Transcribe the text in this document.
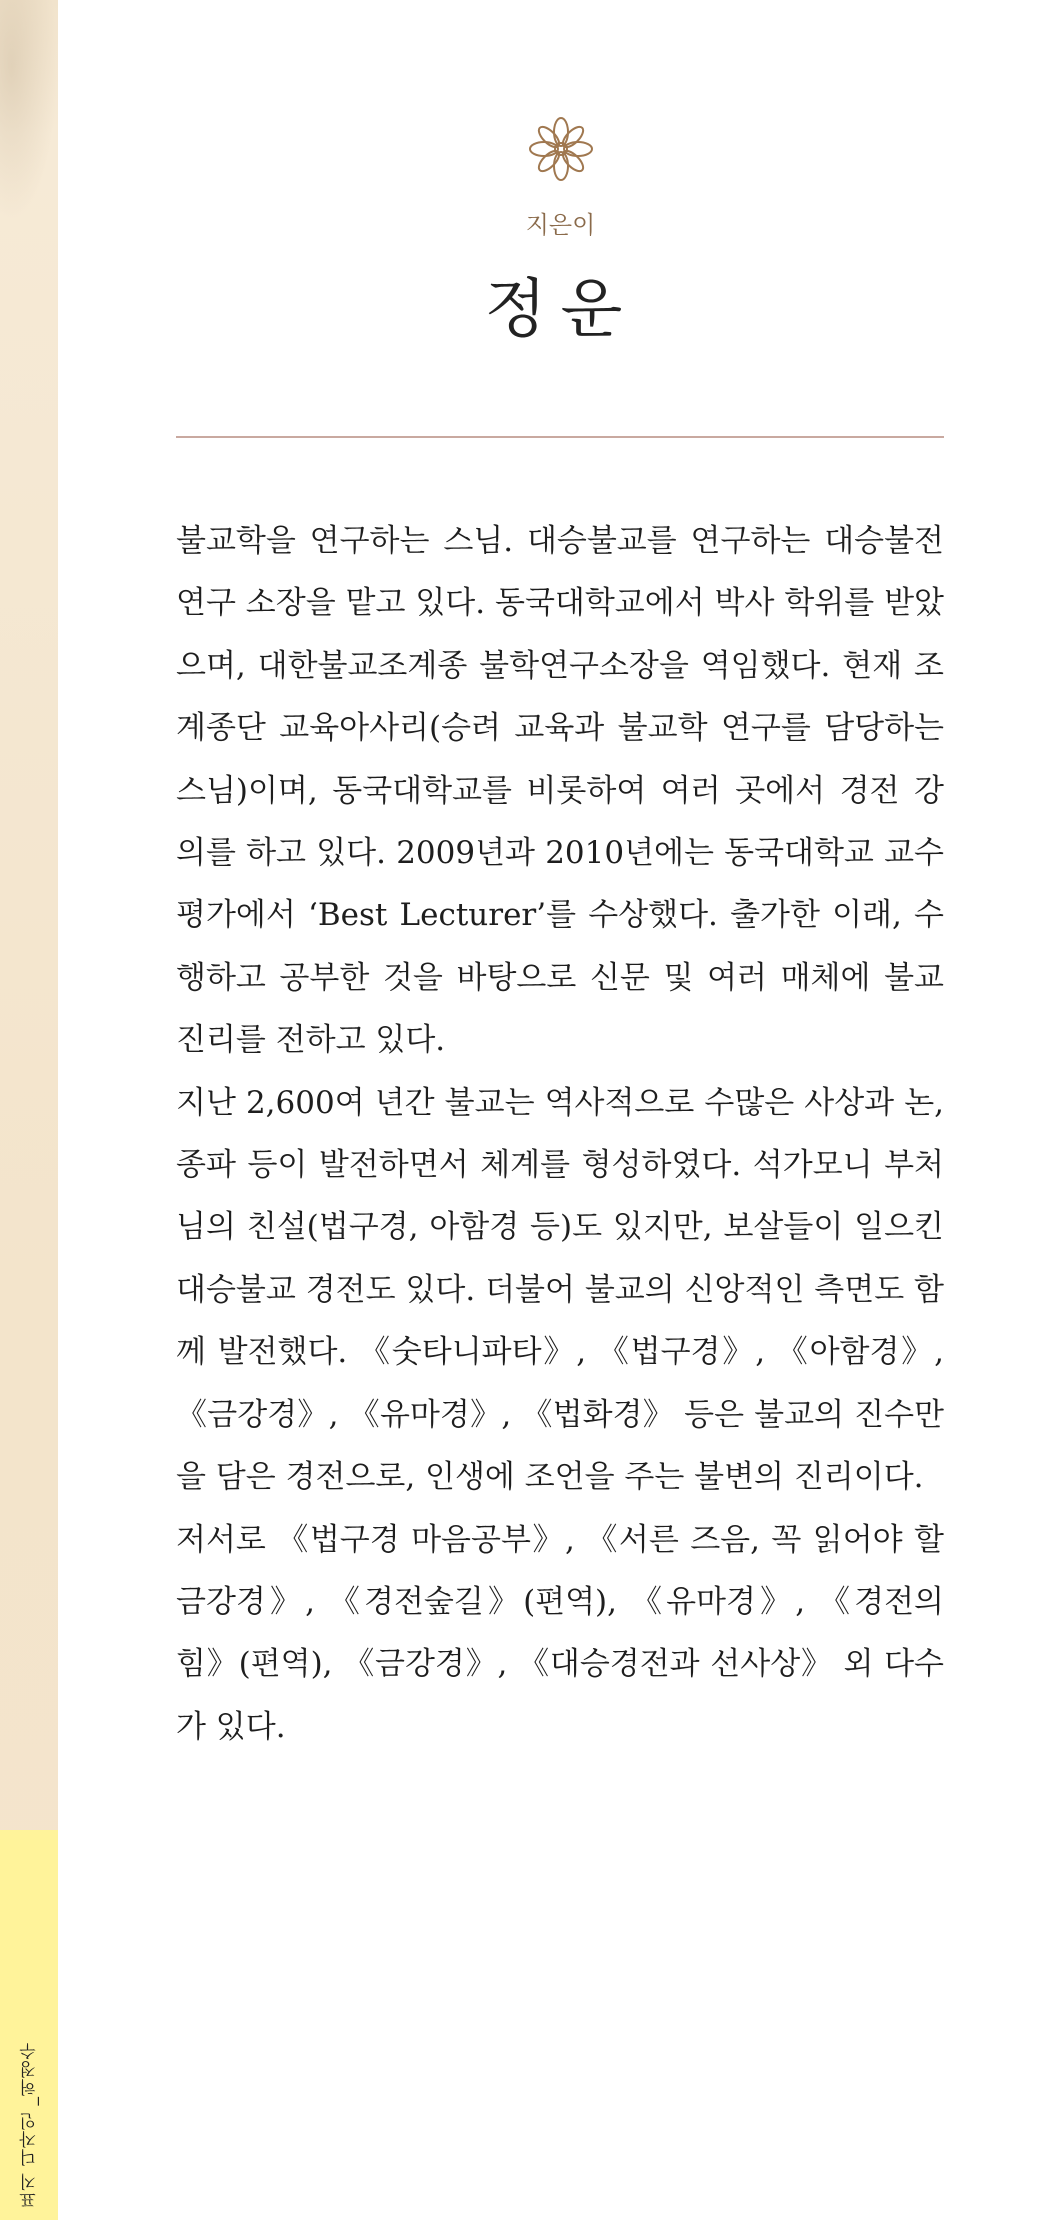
표지 디자인 _허정수
지은이
정운

불교학을 연구하는 스님. 대승불교를 연구하는 대승불전연구 소장을 맡고 있다. 동국대학교에서 박사 학위를 받았으며, 대한불교조계종 불학연구소장을 역임했다. 현재 조계종단 교육아사리(승려 교육과 불교학 연구를 담당하는 스님)이며, 동국대학교를 비롯하여 여러 곳에서 경전 강의를 하고 있다. 2009년과 2010년에는 동국대학교 교수평가에서 ‘Best Lecturer’를 수상했다. 출가한 이래, 수행하고 공부한 것을 바탕으로 신문 및 여러 매체에 불교 진리를 전하고 있다.

지난 2,600여 년간 불교는 역사적으로 수많은 사상과 논, 종파 등이 발전하면서 체계를 형성하였다. 석가모니 부처님의 친설(법구경, 아함경 등)도 있지만, 보살들이 일으킨 대승불교 경전도 있다. 더불어 불교의 신앙적인 측면도 함께 발전했다. 《숫타니파타》, 《법구경》, 《아함경》, 《금강경》, 《유마경》, 《법화경》 등은 불교의 진수만을 담은 경전으로, 인생에 조언을 주는 불변의 진리이다.

저서로 《법구경 마음공부》, 《서른 즈음, 꼭 읽어야 할 금강경》, 《경전숲길》(편역), 《유마경》, 《경전의 힘》(편역), 《금강경》, 《대승경전과 선사상》 외 다수가 있다.
